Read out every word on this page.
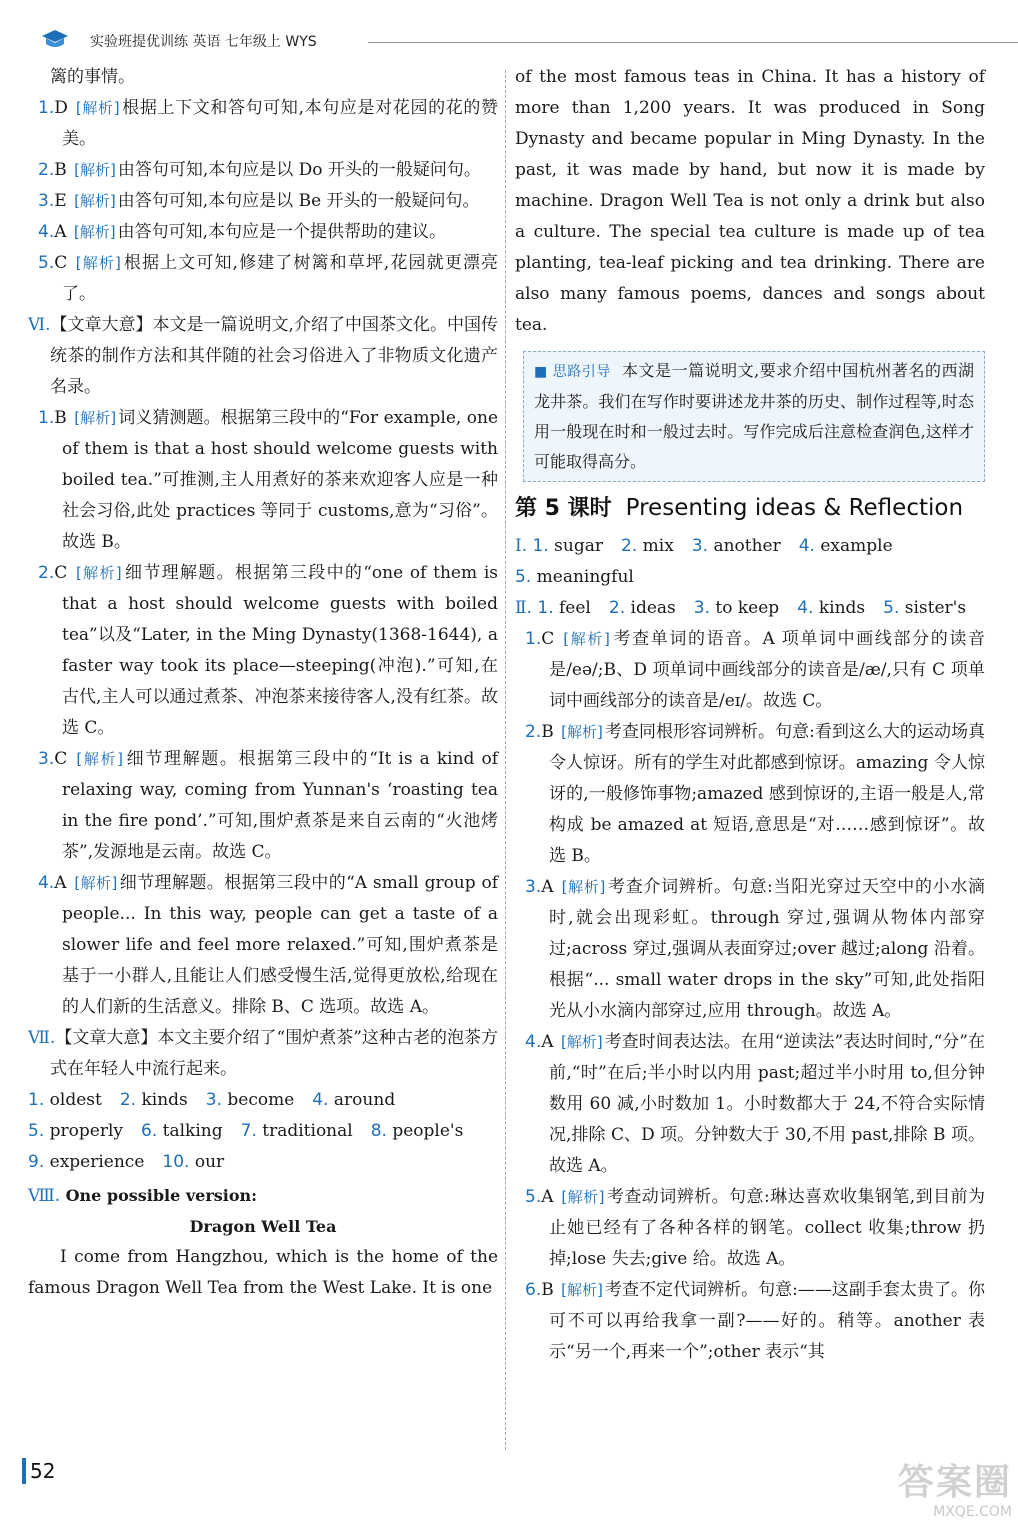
实验班提优训练 英语 七年级上 WYS

篱的事情。

1.D [解析] 根据上下文和答句可知,本句应是对花园的花的赞美。

2.B [解析] 由答句可知,本句应是以 Do 开头的一般疑问句。

3.E [解析] 由答句可知,本句应是以 Be 开头的一般疑问句。

4.A [解析] 由答句可知,本句应是一个提供帮助的建议。

5.C [解析] 根据上文可知,修建了树篱和草坪,花园就更漂亮了。

Ⅵ.【文章大意】本文是一篇说明文,介绍了中国茶文化。中国传统茶的制作方法和其伴随的社会习俗进入了非物质文化遗产名录。

1.B [解析] 词义猜测题。根据第三段中的“For example, one of them is that a host should welcome guests with boiled tea.”可推测,主人用煮好的茶来欢迎客人应是一种社会习俗,此处 practices 等同于 customs,意为“习俗”。故选 B。

2.C [解析] 细节理解题。根据第三段中的“one of them is that a host should welcome guests with boiled tea”以及“Later, in the Ming Dynasty(1368-1644), a faster way took its place—steeping(冲泡).”可知,在古代,主人可以通过煮茶、冲泡茶来接待客人,没有红茶。故选 C。

3.C [解析] 细节理解题。根据第三段中的“It is a kind of relaxing way, coming from Yunnan's ‘roasting tea in the fire pond’.”可知,围炉煮茶是来自云南的“火池烤茶”,发源地是云南。故选 C。

4.A [解析] 细节理解题。根据第三段中的“A small group of people... In this way, people can get a taste of a slower life and feel more relaxed.”可知,围炉煮茶是基于一小群人,且能让人们感受慢生活,觉得更放松,给现在的人们新的生活意义。排除 B、C 选项。故选 A。

Ⅶ.【文章大意】本文主要介绍了“围炉煮茶”这种古老的泡茶方式在年轻人中流行起来。

1. oldest 2. kinds 3. become 4. around5. properly 6. talking 7. traditional 8. people's9. experience 10. our

Ⅷ. One possible version:

Dragon Well Tea

I come from Hangzhou, which is the home of the famous Dragon Well Tea from the West Lake. It is one

of the most famous teas in China. It has a history of more than 1,200 years. It was produced in Song Dynasty and became popular in Ming Dynasty. In the past, it was made by hand, but now it is made by machine. Dragon Well Tea is not only a drink but also a culture. The special tea culture is made up of tea planting, tea-leaf picking and tea drinking. There are also many famous poems, dances and songs about tea.

■ 思路引导 本文是一篇说明文,要求介绍中国杭州著名的西湖龙井茶。我们在写作时要讲述龙井茶的历史、制作过程等,时态用一般现在时和一般过去时。写作完成后注意检查润色,这样才可能取得高分。

第 5 课时 Presenting ideas & Reflection
Ⅰ. 1. sugar 2. mix 3. another 4. example5. meaningful
Ⅱ. 1. feel 2. ideas 3. to keep 4. kinds 5. sister's

1.C [解析] 考查单词的语音。A 项单词中画线部分的读音是/eə/;B、D 项单词中画线部分的读音是/æ/,只有 C 项单词中画线部分的读音是/eɪ/。故选 C。

2.B [解析] 考查同根形容词辨析。句意:看到这么大的运动场真令人惊讶。所有的学生对此都感到惊讶。amazing 令人惊讶的,一般修饰事物;amazed 感到惊讶的,主语一般是人,常构成 be amazed at 短语,意思是“对……感到惊讶”。故选 B。

3.A [解析] 考查介词辨析。句意:当阳光穿过天空中的小水滴时,就会出现彩虹。through 穿过,强调从物体内部穿过;across 穿过,强调从表面穿过;over 越过;along 沿着。根据“... small water drops in the sky”可知,此处指阳光从小水滴内部穿过,应用 through。故选 A。

4.A [解析] 考查时间表达法。在用“逆读法”表达时间时,“分”在前,“时”在后;半小时以内用 past;超过半小时用 to,但分钟数用 60 减,小时数加 1。小时数都大于 24,不符合实际情况,排除 C、D 项。分钟数大于 30,不用 past,排除 B 项。故选 A。

5.A [解析] 考查动词辨析。句意:琳达喜欢收集钢笔,到目前为止她已经有了各种各样的钢笔。collect 收集;throw 扔掉;lose 失去;give 给。故选 A。

6.B [解析] 考查不定代词辨析。句意:——这副手套太贵了。你可不可以再给我拿一副?——好的。稍等。another 表示“另一个,再来一个”;other 表示“其

52	答案圈
MXQE.COM
